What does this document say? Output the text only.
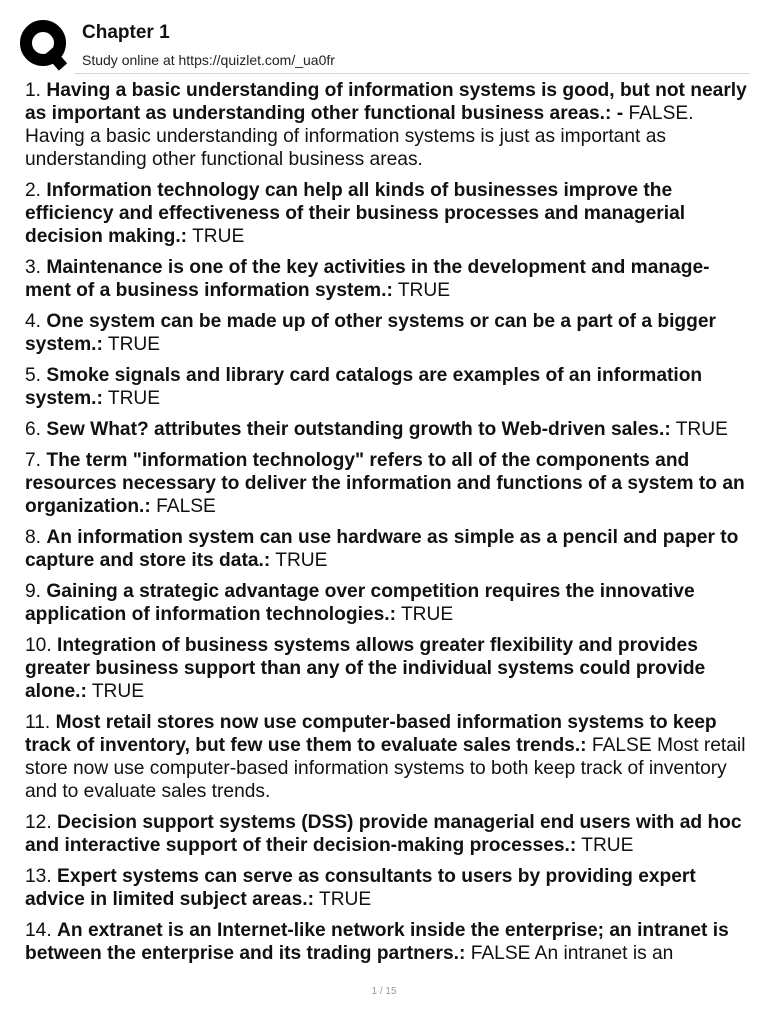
Chapter 1
Study online at https://quizlet.com/_ua0fr

1. Having a basic understanding of information systems is good, but not nearly as important as understanding other functional business areas.: - FALSE. Having a basic understanding of information systems is just as important as understanding other functional business areas.

2. Information technology can help all kinds of businesses improve the efficiency and effectiveness of their business processes and managerial decision making.: TRUE

3. Maintenance is one of the key activities in the development and manage-ment of a business information system.: TRUE

4. One system can be made up of other systems or can be a part of a bigger system.: TRUE

5. Smoke signals and library card catalogs are examples of an information system.: TRUE

6. Sew What? attributes their outstanding growth to Web-driven sales.: TRUE

7. The term "information technology" refers to all of the components and resources necessary to deliver the information and functions of a system to an organization.: FALSE

8. An information system can use hardware as simple as a pencil and paper to capture and store its data.: TRUE

9. Gaining a strategic advantage over competition requires the innovative application of information technologies.: TRUE

10. Integration of business systems allows greater flexibility and provides greater business support than any of the individual systems could provide alone.: TRUE

11. Most retail stores now use computer-based information systems to keep track of inventory, but few use them to evaluate sales trends.: FALSE Most retail store now use computer-based information systems to both keep track of inventory and to evaluate sales trends.

12. Decision support systems (DSS) provide managerial end users with ad hoc and interactive support of their decision-making processes.: TRUE

13. Expert systems can serve as consultants to users by providing expert advice in limited subject areas.: TRUE

14. An extranet is an Internet-like network inside the enterprise; an intranet is between the enterprise and its trading partners.: FALSE An intranet is an

1 / 15
